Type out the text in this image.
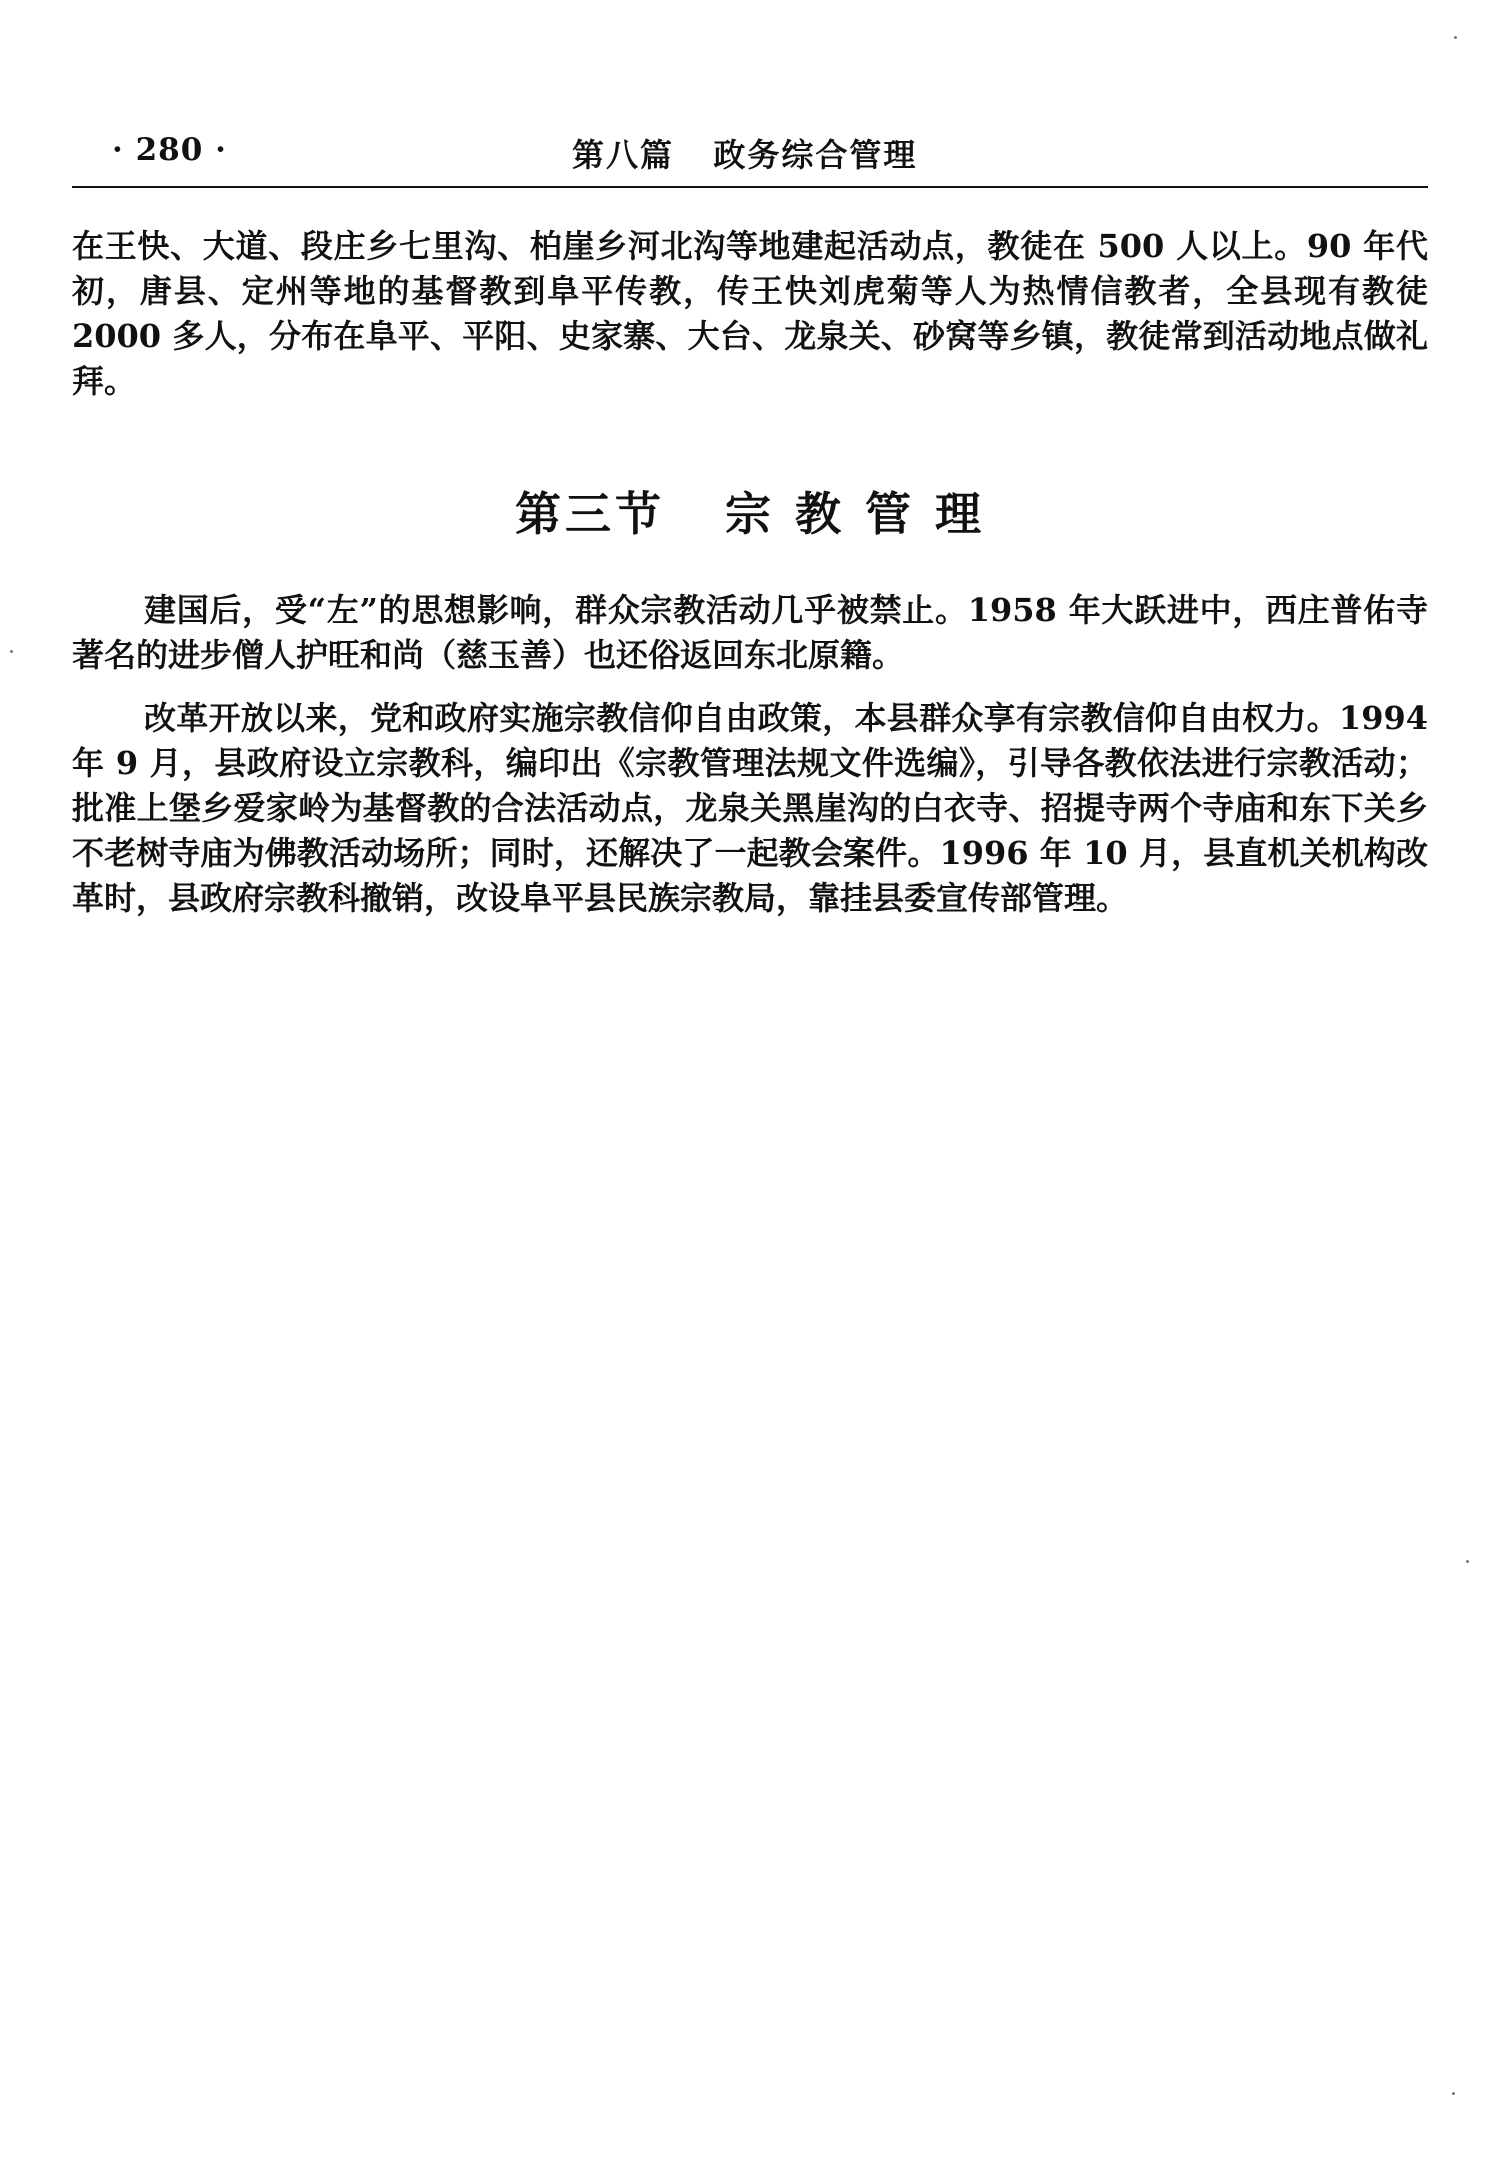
· 280 ·	第八篇   政务综合管理

在王快、大道、段庄乡七里沟、柏崖乡河北沟等地建起活动点，教徒在 500 人以上。90 年代初，唐县、定州等地的基督教到阜平传教，传王快刘虎菊等人为热情信教者，全县现有教徒 2000 多人，分布在阜平、平阳、史家寨、大台、龙泉关、砂窝等乡镇，教徒常到活动地点做礼拜。

第三节   宗 教 管 理

建国后，受“左”的思想影响，群众宗教活动几乎被禁止。1958 年大跃进中，西庄普佑寺著名的进步僧人护旺和尚（慈玉善）也还俗返回东北原籍。

改革开放以来，党和政府实施宗教信仰自由政策，本县群众享有宗教信仰自由权力。1994 年 9 月，县政府设立宗教科，编印出《宗教管理法规文件选编》，引导各教依法进行宗教活动；批准上堡乡爱家岭为基督教的合法活动点，龙泉关黑崖沟的白衣寺、招提寺两个寺庙和东下关乡不老树寺庙为佛教活动场所；同时，还解决了一起教会案件。1996 年 10 月，县直机关机构改革时，县政府宗教科撤销，改设阜平县民族宗教局，靠挂县委宣传部管理。
